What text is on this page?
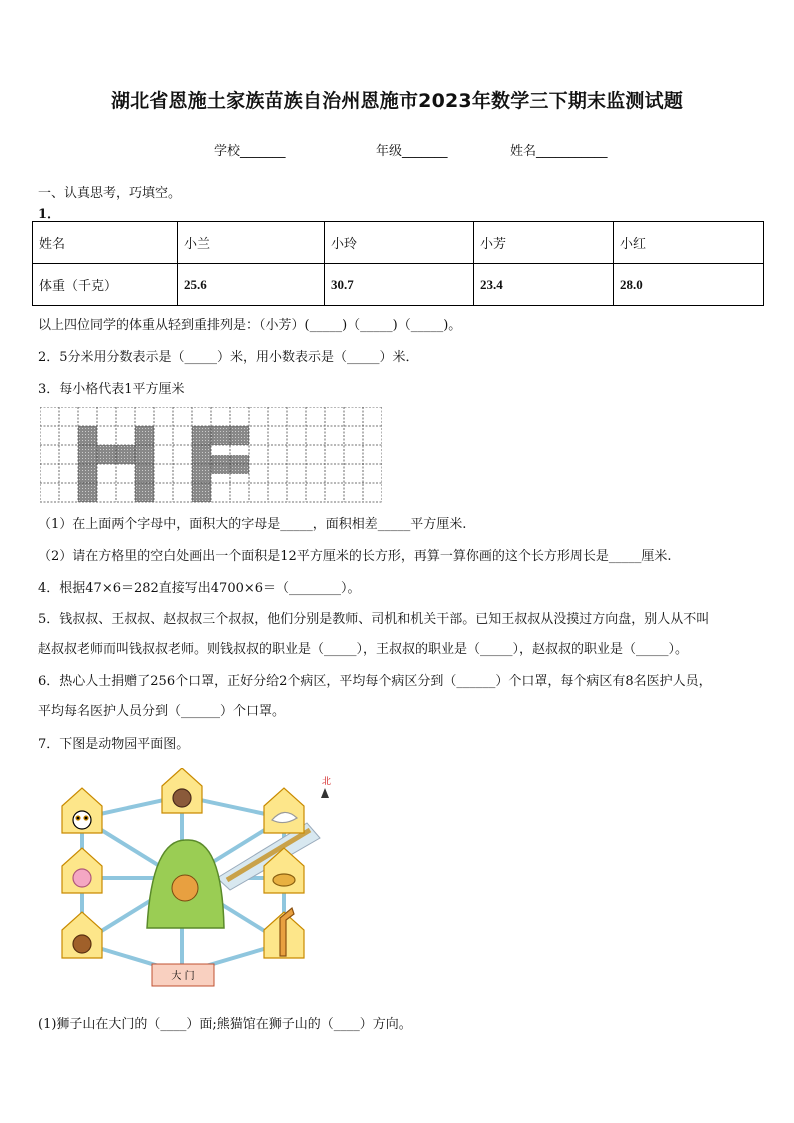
湖北省恩施土家族苗族自治州恩施市2023年数学三下期末监测试题
学校_______	年级_______	姓名___________
一、认真思考，巧填空。
1．
姓名	小兰	小玲	小芳	小红
体重（千克）	25.6	30.7	23.4	28.0
以上四位同学的体重从轻到重排列是：（小芳）(_____)（_____)（_____)。
2．5分米用分数表示是（_____）米，用小数表示是（_____）米．
3．每小格代表1平方厘米
（1）在上面两个字母中，面积大的字母是_____，面积相差_____平方厘米.
（2）请在方格里的空白处画出一个面积是12平方厘米的长方形，再算一算你画的这个长方形周长是_____厘米.
4．根据47×6＝282直接写出4700×6＝（________）。
5．钱叔叔、王叔叔、赵叔叔三个叔叔，他们分别是教师、司机和机关干部。已知王叔叔从没摸过方向盘，别人从不叫
赵叔叔老师而叫钱叔叔老师。则钱叔叔的职业是（_____），王叔叔的职业是（_____），赵叔叔的职业是（_____）。
6．热心人士捐赠了256个口罩，正好分给2个病区，平均每个病区分到（______）个口罩，每个病区有8名医护人员，
平均每名医护人员分到（______）个口罩。
7．下图是动物园平面图。
大 门
北
(1)狮子山在大门的（____）面;熊猫馆在狮子山的（____）方向。
